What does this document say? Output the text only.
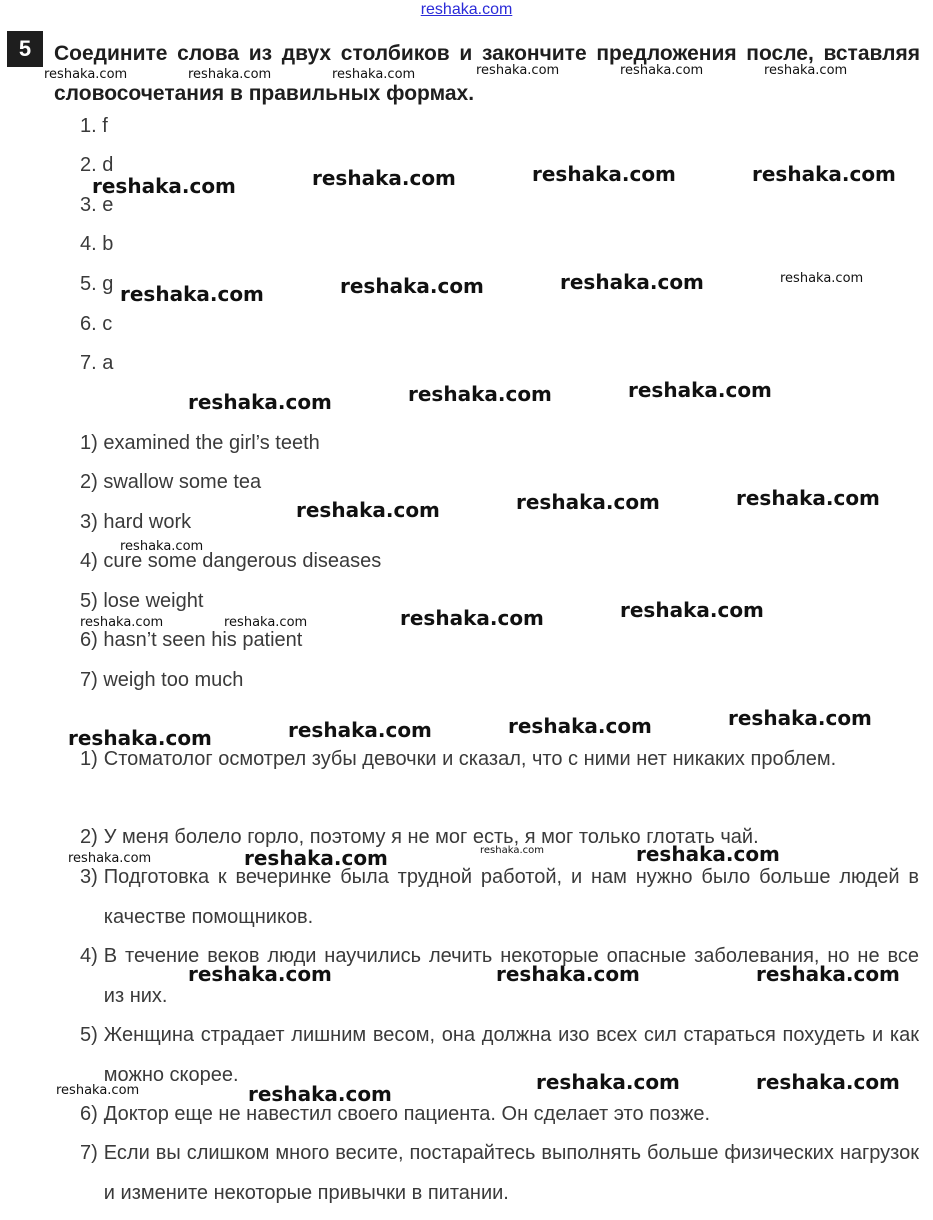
reshaka.com
5	Соедините слова из двух столбиков и закончите предложения после, вставляя словосочетания в правильных формах.
1. f
2. d
3. e
4. b
5. g
6. c
7. a
1) examined the girl’s teeth
2) swallow some tea
3) hard work
4) cure some dangerous diseases
5) lose weight
6) hasn’t seen his patient
7) weigh too much
1) Стоматолог осмотрел зубы девочки и сказал, что с ними нет никаких проблем.
2) У меня болело горло, поэтому я не мог есть, я мог только глотать чай.
3) Подготовка к вечеринке была трудной работой, и нам нужно было больше людей в качестве помощников.
4) В течение веков люди научились лечить некоторые опасные заболевания, но не все из них.
5) Женщина страдает лишним весом, она должна изо всех сил стараться похудеть и как можно скорее.
6) Доктор еще не навестил своего пациента. Он сделает это позже.
7) Если вы слишком много весите, постарайтесь выполнять больше физических нагрузок и измените некоторые привычки в питании.
reshaka.com	reshaka.com	reshaka.com	reshaka.com	reshaka.com	reshaka.com
reshaka.com	reshaka.com	reshaka.com	reshaka.com
reshaka.com	reshaka.com	reshaka.com	reshaka.com
reshaka.com	reshaka.com	reshaka.com
reshaka.com	reshaka.com	reshaka.com
reshaka.com
reshaka.com	reshaka.com	reshaka.com	reshaka.com
reshaka.com	reshaka.com	reshaka.com	reshaka.com
reshaka.com	reshaka.com	reshaka.com	reshaka.com
reshaka.com	reshaka.com	reshaka.com
reshaka.com	reshaka.com	reshaka.com	reshaka.com
